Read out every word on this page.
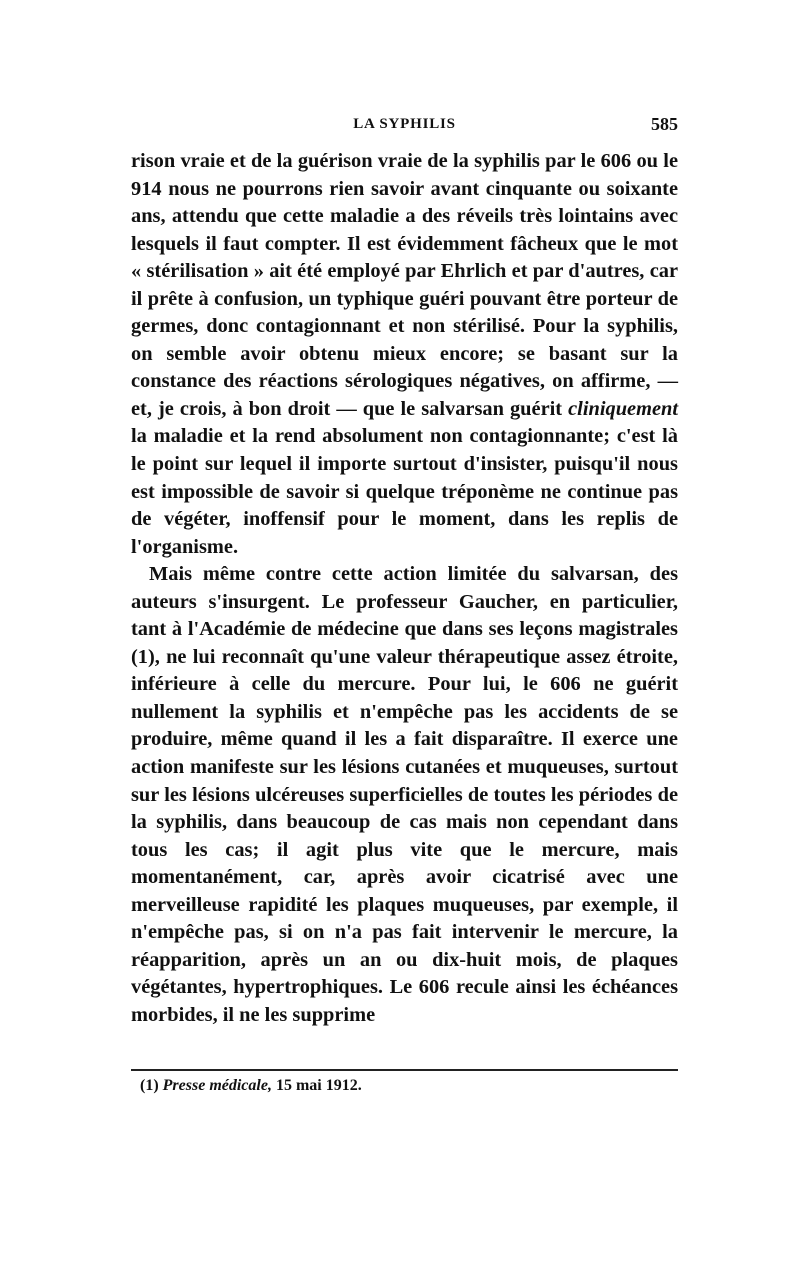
LA SYPHILIS	585

rison vraie et de la guérison vraie de la syphilis par le 606 ou le 914 nous ne pourrons rien savoir avant cinquante ou soixante ans, attendu que cette maladie a des réveils très lointains avec lesquels il faut compter. Il est évidemment fâcheux que le mot « stérilisation » ait été employé par Ehrlich et par d'autres, car il prête à confusion, un typhique guéri pouvant être porteur de germes, donc contagionnant et non stérilisé. Pour la syphilis, on semble avoir obtenu mieux encore; se basant sur la constance des réactions sérologiques négatives, on affirme, — et, je crois, à bon droit — que le salvarsan guérit cliniquement la maladie et la rend absolument non contagionnante; c'est là le point sur lequel il importe surtout d'insister, puisqu'il nous est impossible de savoir si quelque tréponème ne continue pas de végéter, inoffensif pour le moment, dans les replis de l'organisme.

Mais même contre cette action limitée du salvarsan, des auteurs s'insurgent. Le professeur Gaucher, en particulier, tant à l'Académie de médecine que dans ses leçons magistrales (1), ne lui reconnaît qu'une valeur thérapeutique assez étroite, inférieure à celle du mercure. Pour lui, le 606 ne guérit nullement la syphilis et n'empêche pas les accidents de se produire, même quand il les a fait disparaître. Il exerce une action manifeste sur les lésions cutanées et muqueuses, surtout sur les lésions ulcéreuses superficielles de toutes les périodes de la syphilis, dans beaucoup de cas mais non cependant dans tous les cas; il agit plus vite que le mercure, mais momentanément, car, après avoir cicatrisé avec une merveilleuse rapidité les plaques muqueuses, par exemple, il n'empêche pas, si on n'a pas fait intervenir le mercure, la réapparition, après un an ou dix-huit mois, de plaques végétantes, hypertrophiques. Le 606 recule ainsi les échéances morbides, il ne les supprime

(1) Presse médicale, 15 mai 1912.
